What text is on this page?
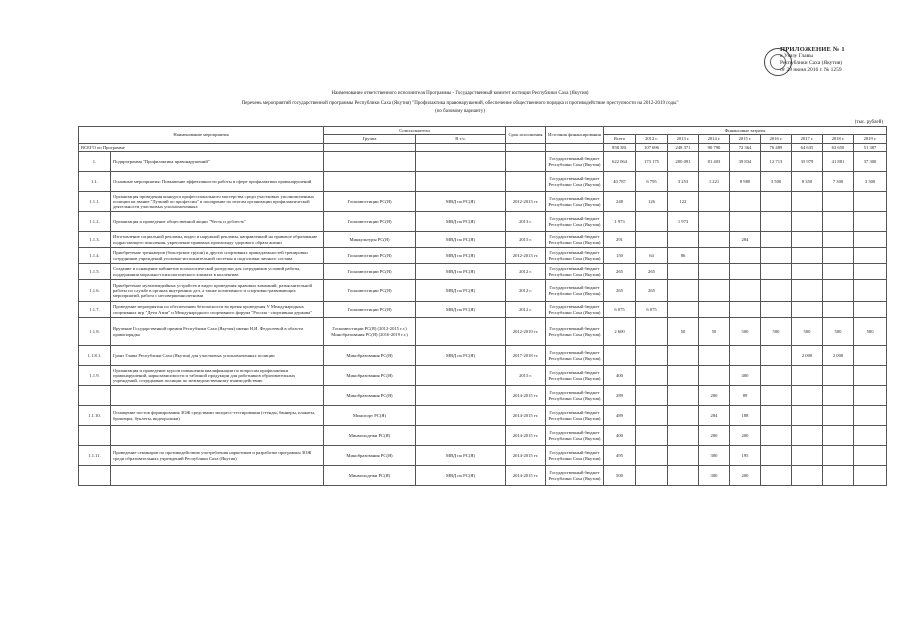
ПРИЛОЖЕНИЕ № 1
к Указу Главы
Республики Саха (Якутия)
от 29 июня 2016 г. № 1259
Наименование ответственного исполнителя Программы - Государственный комитет юстиции Республики Саха (Якутия)
Перечень мероприятий государственной программы Республики Саха (Якутия) "Профилактика правонарушений, обеспечение общественного порядка и противодействие преступности на 2012-2019 годы"
(по базовому варианту)
(тыс. рублей)
Наименование мероприятия		Соисполнители		Срок исполнения	Источник финансирования	Финансовые затраты								
		Группа	В т.ч.			Всего	2012 г.	2013 г.	2014 г.	2015 г.	2016 г.	2017 г.	2018 г.	2019 г.
ВСЕГО по Программе						858 381	107 696	248 371	90 790	72 364	76 489	64 635	63 650	51 387
1.	Подпрограмма "Профилактика правонарушений"				Государственный бюджет Республики Саха (Якутия)	622 064	173 175	200 091	81 403	39 834	12 713	35 979	41 881	37 300
1.1.	Основные мероприятия: Повышение эффективности работы в сфере профилактики правонарушений				Государственный бюджет Республики Саха (Якутия)	40 787	6 795	3 253	1 221	8 980	3 500	8 350	7 300	3 300
1.1.1.	Организация проведения конкурса профессионального мастерства среди участковых уполномоченных полиции на звание "Лучший по профессии" и поощрение по итогам организации профилактической деятельности участковых уполномоченных	Госкомюстиции РС(Я)	МВД по РС(Я)	2012-2013 гг.	Государственный бюджет Республики Саха (Якутия)	248	126	122						
1.1.2.	Организация и проведение общественной акции "Честь и доблесть"	Госкомюстиции РС(Я)	МВД по РС(Я)	2013 г.	Государственный бюджет Республики Саха (Якутия)	1 973		1 973						
1.1.3.	Изготовление социальной рекламы, видео и наружной рекламы, направленной на правовое образование подрастающего поколения, укрепление правовых пропаганду здорового образа жизни	Минкультуры РС(Я)	МВД по РС(Я)	2015 г.	Государственный бюджет Республики Саха (Якутия)	291				284				
1.1.4.	Приобретение тренажеров (боксерские груши) и других спортивных принадлежностей тренировки сотрудников учреждений уголовно-исполнительной системы и подготовки личного состава	Госкомюстиции РС(Я)	МВД по РС(Я)	2012-2013 гг.	Государственный бюджет Республики Саха (Якутия)	150	64	86						
1.1.5.	Создание и оснащение кабинетов психологической разгрузки для сотрудников условий работы, поддержания морально-психологического климата в коллективе	Госкомюстиции РС(Я)	МВД по РС(Я)	2012 г.	Государственный бюджет Республики Саха (Якутия)	265	265							
1.1.6.	Приобретение мультимедийных устройств и видео проведения правовых кампаний, разъяснительной работы по службе в органах внутренних дел, а также позитивного и спортивно-развивающих мероприятий, работа с несовершеннолетними	Госкомюстиции РС(Я)	МВД по РС(Я)	2012 г.	Государственный бюджет Республики Саха (Якутия)	265	265							
1.1.7.	Проведение мероприятия по обеспечению безопасности во время проведения V Международных спортивных игр "Дети Азии" и Международного спортивного форума "Россия - спортивная держава"	Госкомюстиции РС(Я)	МВД по РС(Я)	2012 г.	Государственный бюджет Республики Саха (Якутия)	6 075	6 075							
1.1.8.	Вручение Государственной премии Республики Саха (Якутия) имени Н.И. Федосеевой в области правопорядка	Госкомюстиции РС(Я) (2012-2015 г.г.) Минобразования РС(Я) (2016-2019 г.г.)		2012-2019 гг.	Государственный бюджет Республики Саха (Якутия)	2 600		50	50	500	500	500	500	500
1.1.8.1.	Грант Главы Республики Саха (Якутия) для участковых уполномоченных полиции	Минобразования РС(Я)	МВД по РС(Я)	2017-2018 гг.	Государственный бюджет Республики Саха (Якутия)							2 000	2 000	
1.1.9.	Организация и проведение курсов повышения квалификации по вопросам профилактики правонарушений, наркозависимости и табачной продукции для работников образовательных учреждений, сотрудников полиции по межведомственному взаимодействию	Минобразования РС(Я)		2015 г.	Государственный бюджет Республики Саха (Якутия)	400				400				
		Минобразования РС(Я)		2014-2015 гг.	Государственный бюджет Республики Саха (Якутия)	289			200	89				
1.1.10.	Оснащение постов формирования ЗОЖ средствами экспресс-тестирования (стенды, баннеры, плакаты, брошюры, буклеты, видеоролики)	Минспорт РС(Я)		2014-2015 гг.	Государственный бюджет Республики Саха (Якутия)	489			284	188				
		Минмолодежи РС(Я)		2014-2015 гг.	Государственный бюджет Республики Саха (Якутия)	400			200	200				
1.1.11.	Проведение семинаров по противодействию употребления наркотиков и разработке программы ЗОЖ среди образовательных учреждений Республики Саха (Якутия)	Минобразования РС(Я)	МВД по РС(Я)	2014-2015 гг.	Государственный бюджет Республики Саха (Якутия)	495			300	195				
		Минмолодежи РС(Я)	МВД по РС(Я)	2014-2015 гг.	Государственный бюджет Республики Саха (Якутия)	500			300	200				
